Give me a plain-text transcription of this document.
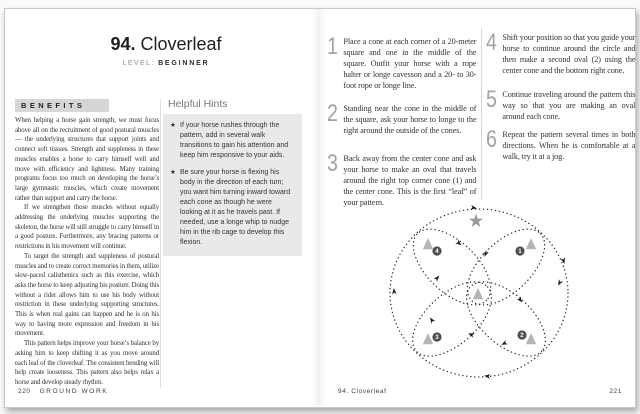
94. Cloverleaf
LEVEL: BEGINNER
BENEFITS

When helping a horse gain strength, we must focus above all on the recruitment of good postural muscles — the underlying structures that support joints and connect soft tissues. Strength and suppleness in these muscles enables a horse to carry himself well and move with efficiency and lightness. Many training programs focus too much on developing the horse’s large gymnastic muscles, which create movement rather than support and carry the horse.

If we strengthen those muscles without equally addressing the underlying muscles supporting the skeleton, the horse will still struggle to carry himself in a good posture. Furthermore, any bracing patterns or restrictions in his movement will continue.

To target the strength and suppleness of postural muscles and to create correct memories in them, utilize slow-paced calisthenics such as this exercise, which asks the horse to keep adjusting his posture. Doing this without a rider allows him to use his body without restriction in these underlying supporting structures. This is when real gains can happen and he is on his way to having more expression and freedom in his movement.

This pattern helps improve your horse’s balance by asking him to keep shifting it as you move around each leaf of the cloverleaf. The consistent bending will help create looseness. This pattern also helps relax a horse and develop steady rhythm.

Helpful Hints
★ If your horse rushes through the pattern, add in several walk transitions to gain his attention and keep him responsive to your aids.
★ Be sure your horse is flexing his body in the direction of each turn; you want him turning inward toward each cone as though he were looking at it as he travels past. If needed, use a longe whip to nudge him in the rib cage to develop this flexion.
220 GROUND WORK
1 Place a cone at each corner of a 20-meter square and one in the middle of the square. Outfit your horse with a rope halter or longe cavesson and a 20- to 30-foot rope or longe line.
2 Standing near the cone in the middle of the square, ask your horse to longe to the right around the outside of the cones.
3 Back away from the center cone and ask your horse to make an oval that travels around the right top corner cone (1) and the center cone. This is the first “leaf” of your pattern.
4 Shift your position so that you guide your horse to continue around the circle and then make a second oval (2) using the center cone and the bottom right cone.
5 Continue traveling around the pattern this way so that you are making an oval around each cone.
6 Repeat the pattern several times in both directions. When he is comfortable at a walk, try it at a jog.
1
2
3
4
94. Cloverleaf	221
